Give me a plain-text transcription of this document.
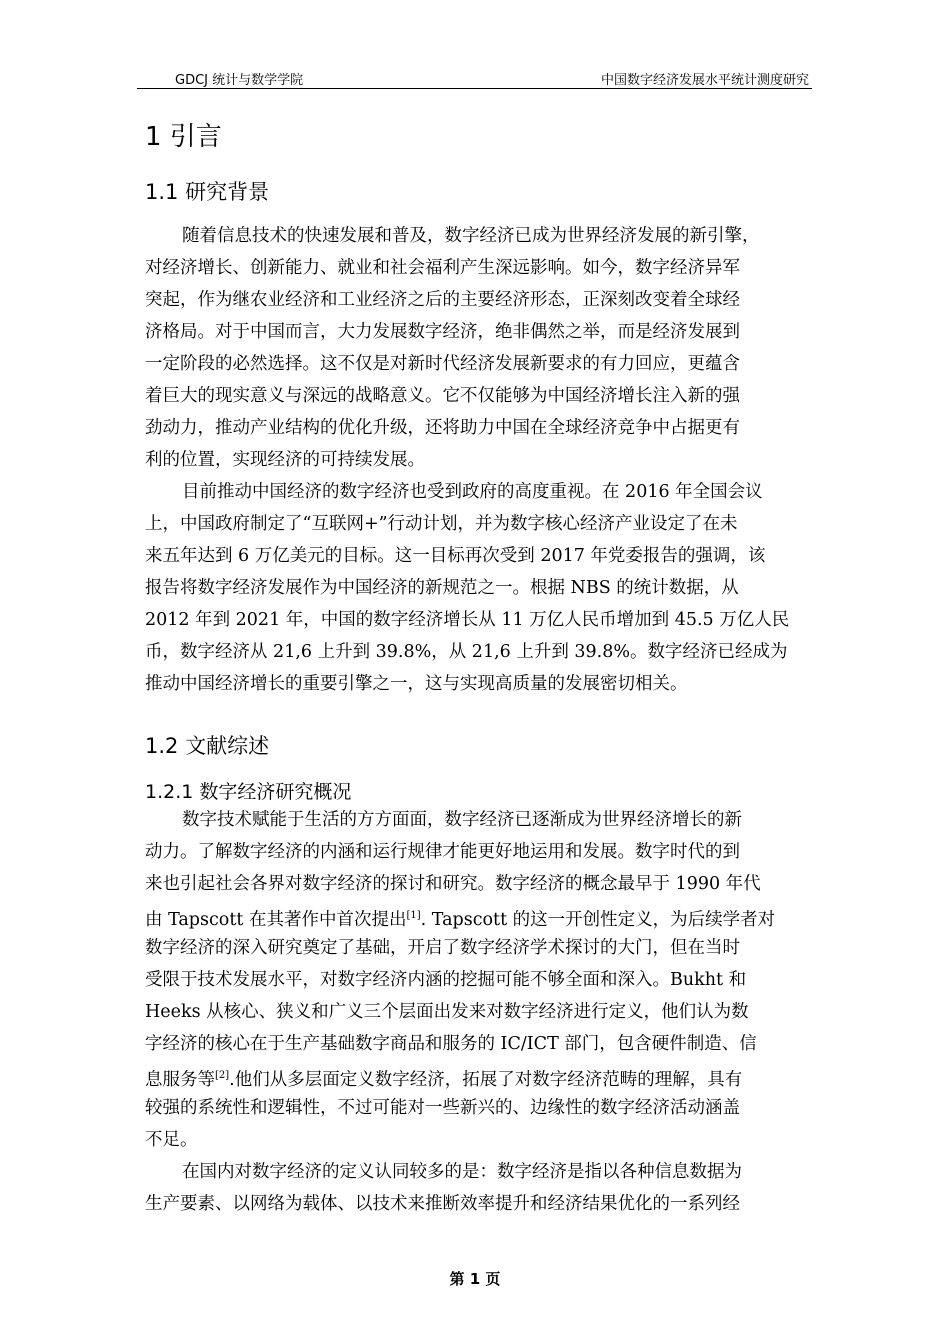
GDCJ 统计与数学学院	中国数字经济发展水平统计测度研究
1 引言
1.1 研究背景
随着信息技术的快速发展和普及，数字经济已成为世界经济发展的新引擎，
对经济增长、创新能力、就业和社会福利产生深远影响。如今，数字经济异军
突起，作为继农业经济和工业经济之后的主要经济形态，正深刻改变着全球经
济格局。对于中国而言，大力发展数字经济，绝非偶然之举，而是经济发展到
一定阶段的必然选择。这不仅是对新时代经济发展新要求的有力回应，更蕴含
着巨大的现实意义与深远的战略意义。它不仅能够为中国经济增长注入新的强
劲动力，推动产业结构的优化升级，还将助力中国在全球经济竞争中占据更有
利的位置，实现经济的可持续发展。
目前推动中国经济的数字经济也受到政府的高度重视。在 2016 年全国会议
上，中国政府制定了“互联网+”行动计划，并为数字核心经济产业设定了在未
来五年达到 6 万亿美元的目标。这一目标再次受到 2017 年党委报告的强调，该
报告将数字经济发展作为中国经济的新规范之一。根据 NBS 的统计数据，从
2012 年到 2021 年，中国的数字经济增长从 11 万亿人民币增加到 45.5 万亿人民
币，数字经济从 21,6 上升到 39.8%，从 21,6 上升到 39.8%。数字经济已经成为
推动中国经济增长的重要引擎之一，这与实现高质量的发展密切相关。
1.2 文献综述
1.2.1 数字经济研究概况
数字技术赋能于生活的方方面面，数字经济已逐渐成为世界经济增长的新
动力。了解数字经济的内涵和运行规律才能更好地运用和发展。数字时代的到
来也引起社会各界对数字经济的探讨和研究。数字经济的概念最早于 1990 年代
由 Tapscott 在其著作中首次提出[1]. Tapscott 的这一开创性定义，为后续学者对
数字经济的深入研究奠定了基础，开启了数字经济学术探讨的大门，但在当时
受限于技术发展水平，对数字经济内涵的挖掘可能不够全面和深入。Bukht 和
Heeks 从核心、狭义和广义三个层面出发来对数字经济进行定义，他们认为数
字经济的核心在于生产基础数字商品和服务的 IC/ICT 部门，包含硬件制造、信
息服务等[2].他们从多层面定义数字经济，拓展了对数字经济范畴的理解，具有
较强的系统性和逻辑性，不过可能对一些新兴的、边缘性的数字经济活动涵盖
不足。
在国内对数字经济的定义认同较多的是：数字经济是指以各种信息数据为
生产要素、以网络为载体、以技术来推断效率提升和经济结果优化的一系列经
第 1 页
